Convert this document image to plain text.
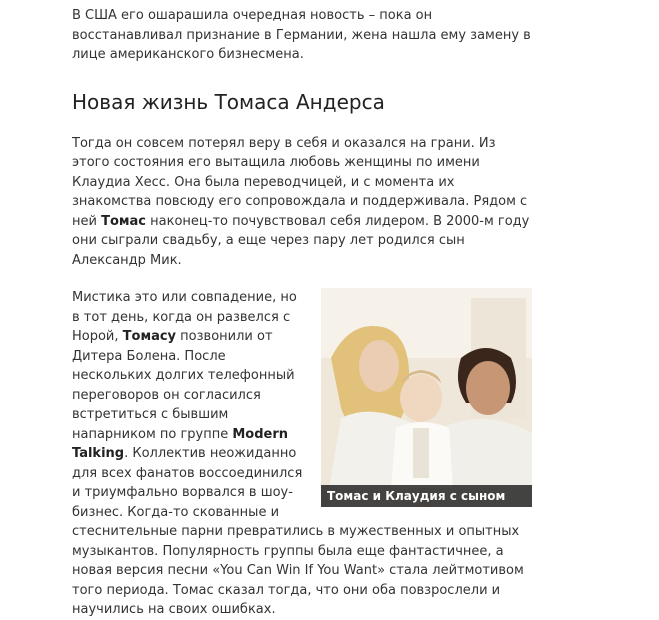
В США его ошарашила очередная новость – пока он восстанавливал признание в Германии, жена нашла ему замену в лице американского бизнесмена.

Новая жизнь Томаса Андерса

Тогда он совсем потерял веру в себя и оказался на грани. Из этого состояния его вытащила любовь женщины по имени Клаудиа Хесс. Она была переводчицей, и с момента их знакомства повсюду его сопровождала и поддерживала. Рядом с ней Томас наконец-то почувствовал себя лидером. В 2000-м году они сыграли свадьбу, а еще через пару лет родился сын Александр Мик.

Томас и Клаудия с сыном
Мистика это или совпадение, но в тот день, когда он развелся с Норой, Томасу позвонили от Дитера Болена. После нескольких долгих телефонный переговоров он согласился встретиться с бывшим напарником по группе Modern Talking. Коллектив неожиданно для всех фанатов воссоединился и триумфально ворвался в шоу-бизнес. Когда-то скованные и стеснительные парни превратились в мужественных и опытных музыкантов. Популярность группы была еще фантастичнее, а новая версия песни «You Can Win If You Want» стала лейтмотивом того периода. Томас сказал тогда, что они оба повзрослели и научились на своих ошибках.
